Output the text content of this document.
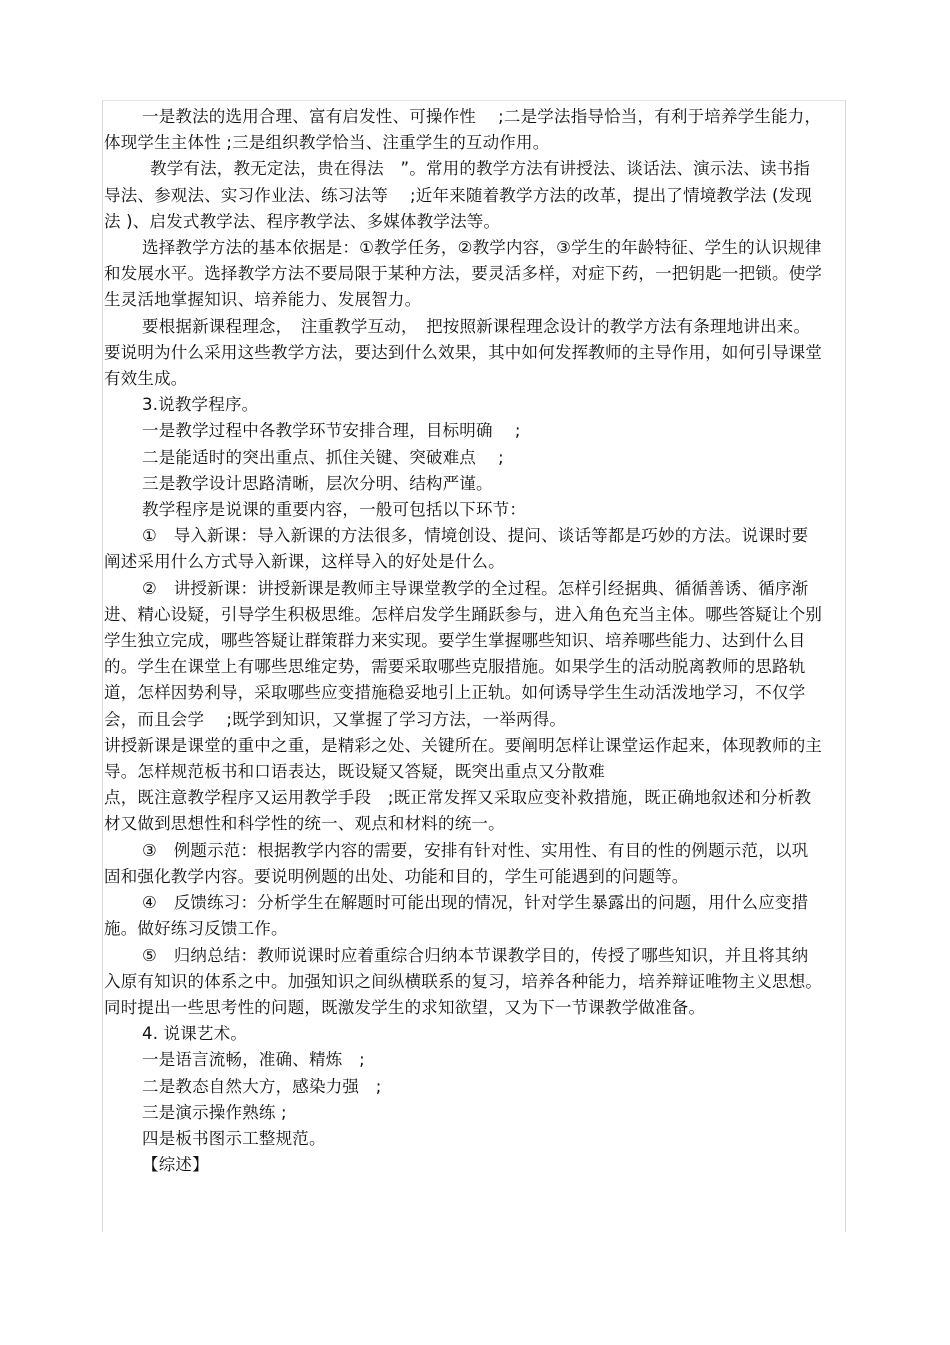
一是教法的选用合理、富有启发性、可操作性　 ;二是学法指导恰当，有利于培养学生能力，体现学生主体性 ;三是组织教学恰当、注重学生的互动作用。

教学有法，教无定法，贵在得法　”。常用的教学方法有讲授法、谈话法、演示法、读书指导法、参观法、实习作业法、练习法等　 ;近年来随着教学方法的改革，提出了情境教学法 (发现法 )、启发式教学法、程序教学法、多媒体教学法等。

选择教学方法的基本依据是：①教学任务，②教学内容，③学生的年龄特征、学生的认识规律和发展水平。选择教学方法不要局限于某种方法，要灵活多样，对症下药，一把钥匙一把锁。使学生灵活地掌握知识、培养能力、发展智力。

要根据新课程理念，　注重教学互动，　把按照新课程理念设计的教学方法有条理地讲出来。要说明为什么采用这些教学方法，要达到什么效果，其中如何发挥教师的主导作用，如何引导课堂有效生成。

3.说教学程序。

一是教学过程中各教学环节安排合理，目标明确　 ;

二是能适时的突出重点、抓住关键、突破难点　 ;

三是教学设计思路清晰，层次分明、结构严谨。

教学程序是说课的重要内容，一般可包括以下环节：

①　导入新课：导入新课的方法很多，情境创设、提问、谈话等都是巧妙的方法。说课时要阐述采用什么方式导入新课，这样导入的好处是什么。

②　讲授新课：讲授新课是教师主导课堂教学的全过程。怎样引经据典、循循善诱、循序渐进、精心设疑，引导学生积极思维。怎样启发学生踊跃参与，进入角色充当主体。哪些答疑让个别学生独立完成，哪些答疑让群策群力来实现。要学生掌握哪些知识、培养哪些能力、达到什么目的。学生在课堂上有哪些思维定势，需要采取哪些克服措施。如果学生的活动脱离教师的思路轨道，怎样因势利导，采取哪些应变措施稳妥地引上正轨。如何诱导学生生动活泼地学习，不仅学会，而且会学　 ;既学到知识，又掌握了学习方法，一举两得。

讲授新课是课堂的重中之重，是精彩之处、关键所在。要阐明怎样让课堂运作起来，体现教师的主导。怎样规范板书和口语表达，既设疑又答疑，既突出重点又分散难

点，既注意教学程序又运用教学手段　;既正常发挥又采取应变补救措施，既正确地叙述和分析教材又做到思想性和科学性的统一、观点和材料的统一。

③　例题示范：根据教学内容的需要，安排有针对性、实用性、有目的性的例题示范，以巩固和强化教学内容。要说明例题的出处、功能和目的，学生可能遇到的问题等。

④　反馈练习：分析学生在解题时可能出现的情况，针对学生暴露出的问题，用什么应变措施。做好练习反馈工作。

⑤　归纳总结：教师说课时应着重综合归纳本节课教学目的，传授了哪些知识，并且将其纳入原有知识的体系之中。加强知识之间纵横联系的复习，培养各种能力，培养辩证唯物主义思想。同时提出一些思考性的问题，既激发学生的求知欲望，又为下一节课教学做准备。

4. 说课艺术。

一是语言流畅，准确、精炼　;

二是教态自然大方，感染力强　;

三是演示操作熟练 ;

四是板书图示工整规范。

【综述】
